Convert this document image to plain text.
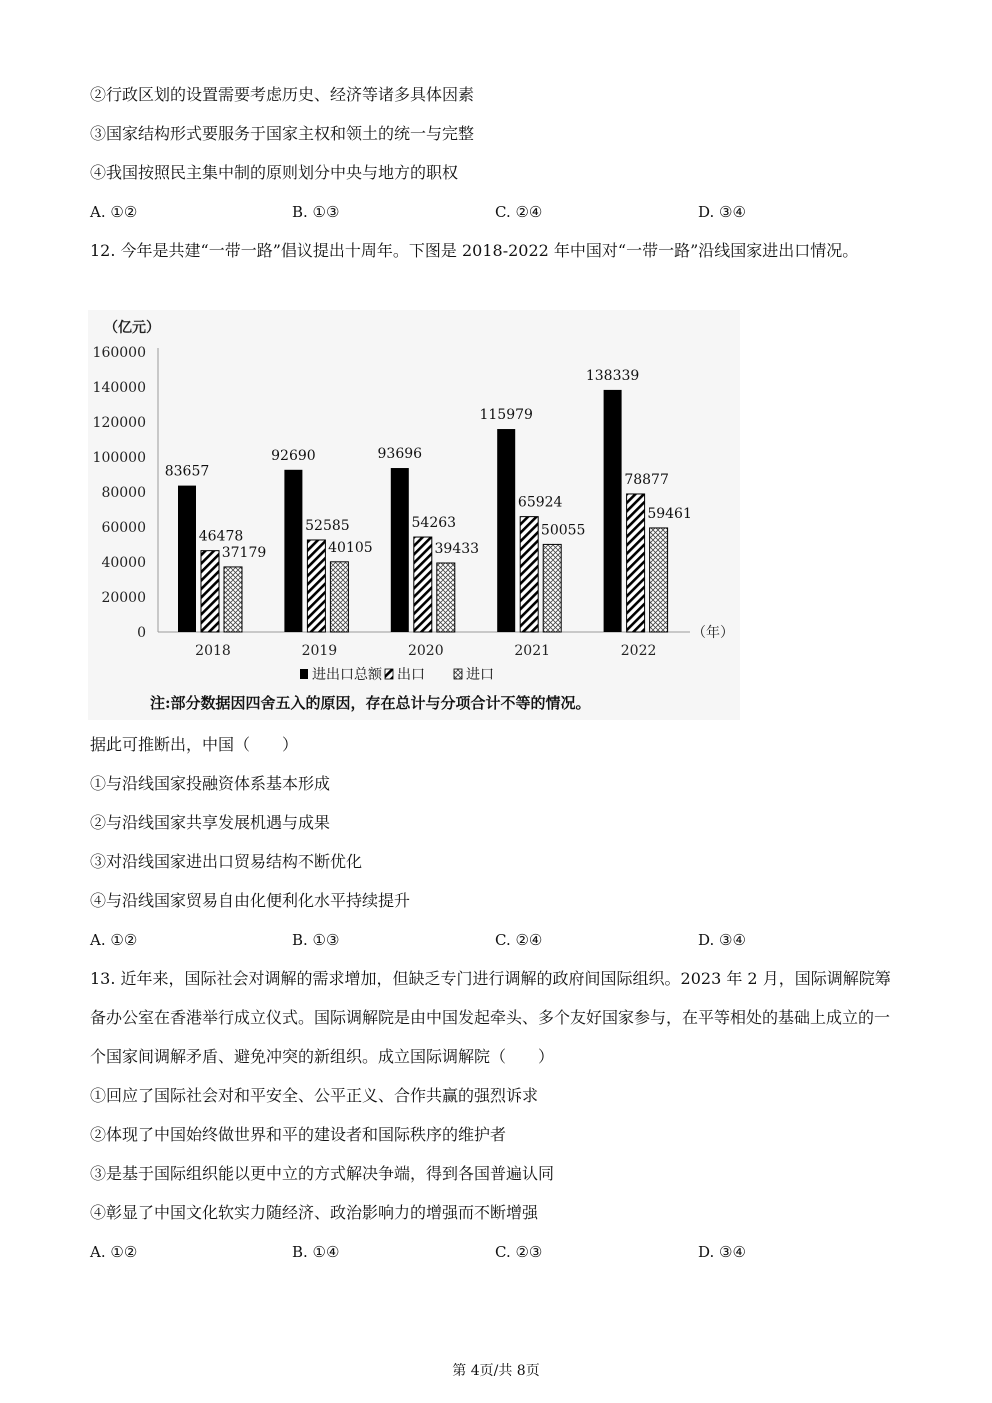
②行政区划的设置需要考虑历史、经济等诸多具体因素
③国家结构形式要服务于国家主权和领土的统一与完整
④我国按照民主集中制的原则划分中央与地方的职权
A. ①②	B. ①③	C. ②④	D. ③④
12. 今年是共建“一带一路”倡议提出十周年。下图是 2018-2022 年中国对“一带一路”沿线国家进出口情况。
160000
140000
120000
100000
80000
60000
40000
20000
0
（亿元）
（年）
83657
46478
37179
92690
52585
40105
93696
54263
39433
115979
65924
50055
138339
78877
59461
2018	2019	2020	2021	2022
进出口总额 出口	进口
注:部分数据因四舍五入的原因，存在总计与分项合计不等的情况。
据此可推断出，中国（　　）
①与沿线国家投融资体系基本形成
②与沿线国家共享发展机遇与成果
③对沿线国家进出口贸易结构不断优化
④与沿线国家贸易自由化便利化水平持续提升
A. ①②	B. ①③	C. ②④	D. ③④
13. 近年来，国际社会对调解的需求增加，但缺乏专门进行调解的政府间国际组织。2023 年 2 月，国际调解院筹备办公室在香港举行成立仪式。国际调解院是由中国发起牵头、多个友好国家参与，在平等相处的基础上成立的一个国家间调解矛盾、避免冲突的新组织。成立国际调解院（　　）
①回应了国际社会对和平安全、公平正义、合作共赢的强烈诉求
②体现了中国始终做世界和平的建设者和国际秩序的维护者
③是基于国际组织能以更中立的方式解决争端，得到各国普遍认同
④彰显了中国文化软实力随经济、政治影响力的增强而不断增强
A. ①②	B. ①④	C. ②③	D. ③④
第 4页/共 8页
